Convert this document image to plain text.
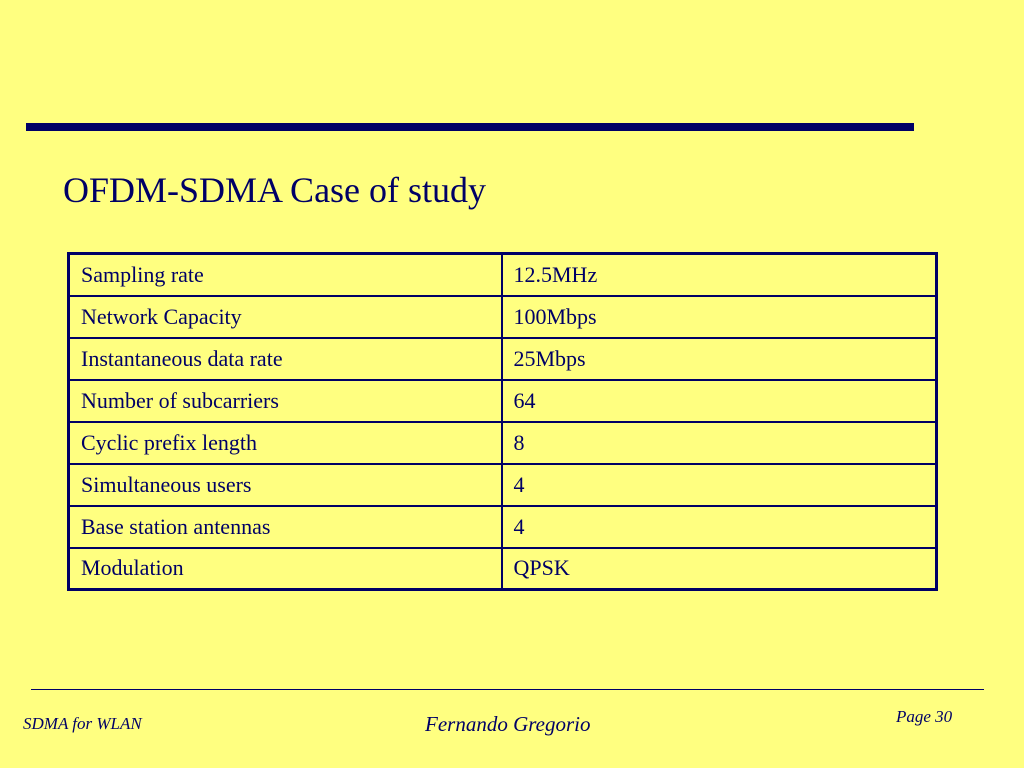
OFDM-SDMA Case of study
Sampling rate	12.5MHz
Network Capacity	100Mbps
Instantaneous data rate	25Mbps
Number of subcarriers	64
Cyclic prefix length	8
Simultaneous users	4
Base station antennas	4
Modulation	QPSK
SDMA for WLAN	Fernando Gregorio	Page 30
